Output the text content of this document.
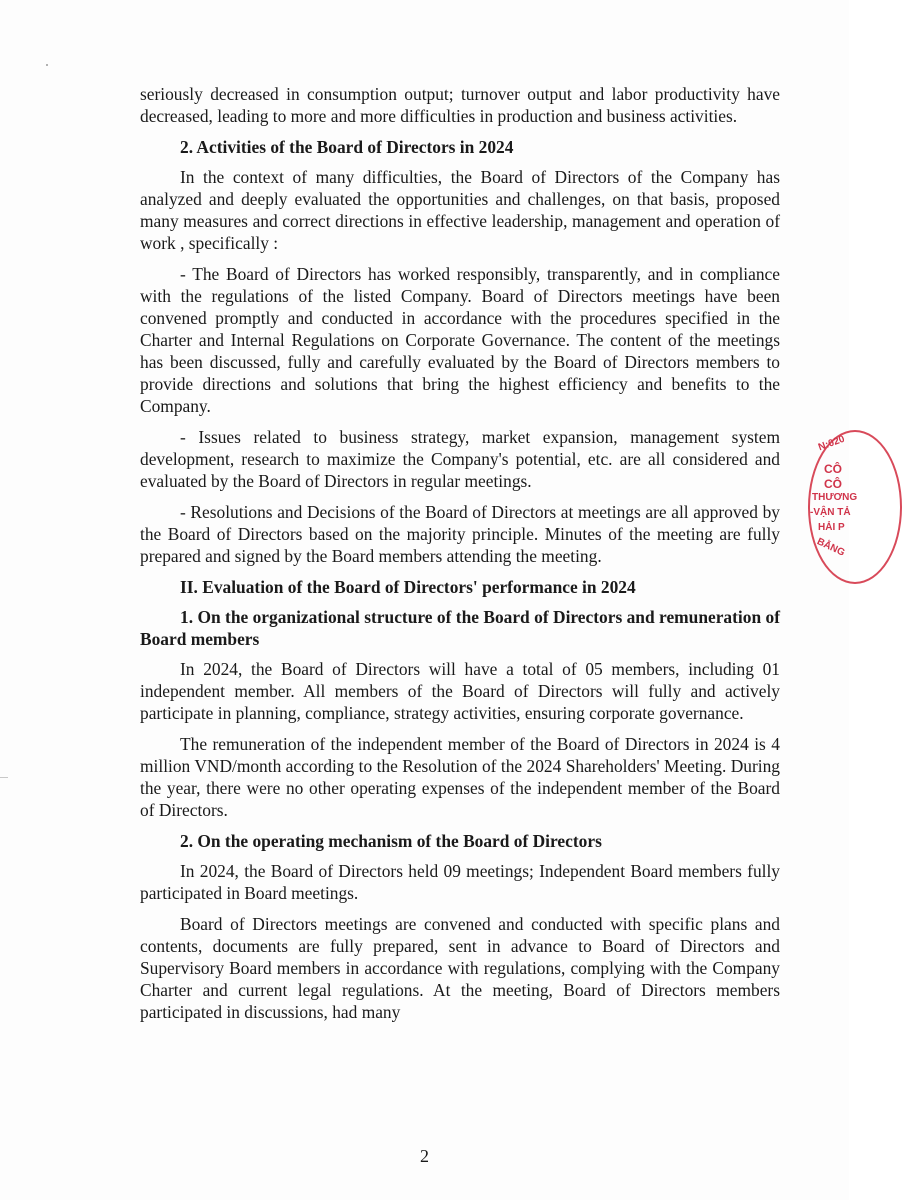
seriously decreased in consumption output; turnover output and labor productivity have decreased, leading to more and more difficulties in production and business activities.

2. Activities of the Board of Directors in 2024

In the context of many difficulties, the Board of Directors of the Company has analyzed and deeply evaluated the opportunities and challenges, on that basis, proposed many measures and correct directions in effective leadership, management and operation of work , specifically :

- The Board of Directors has worked responsibly, transparently, and in compliance with the regulations of the listed Company. Board of Directors meetings have been convened promptly and conducted in accordance with the procedures specified in the Charter and Internal Regulations on Corporate Governance. The content of the meetings has been discussed, fully and carefully evaluated by the Board of Directors members to provide directions and solutions that bring the highest efficiency and benefits to the Company.

- Issues related to business strategy, market expansion, management system development, research to maximize the Company's potential, etc. are all considered and evaluated by the Board of Directors in regular meetings.

- Resolutions and Decisions of the Board of Directors at meetings are all approved by the Board of Directors based on the majority principle. Minutes of the meeting are fully prepared and signed by the Board members attending the meeting.

II. Evaluation of the Board of Directors' performance in 2024
1. On the organizational structure of the Board of Directors and remuneration of Board members

In 2024, the Board of Directors will have a total of 05 members, including 01 independent member. All members of the Board of Directors will fully and actively participate in planning, compliance, strategy activities, ensuring corporate governance.

The remuneration of the independent member of the Board of Directors in 2024 is 4 million VND/month according to the Resolution of the 2024 Shareholders' Meeting. During the year, there were no other operating expenses of the independent member of the Board of Directors.

2. On the operating mechanism of the Board of Directors

In 2024, the Board of Directors held 09 meetings; Independent Board members fully participated in Board meetings.

Board of Directors meetings are convened and conducted with specific plans and contents, documents are fully prepared, sent in advance to Board of Directors and Supervisory Board members in accordance with regulations, complying with the Company Charter and current legal regulations. At the meeting, Board of Directors members participated in discussions, had many

2
N:020
CÔ
CÔ
THƯƠNG
-VẬN TẢ
HẢI P
BẰNG
